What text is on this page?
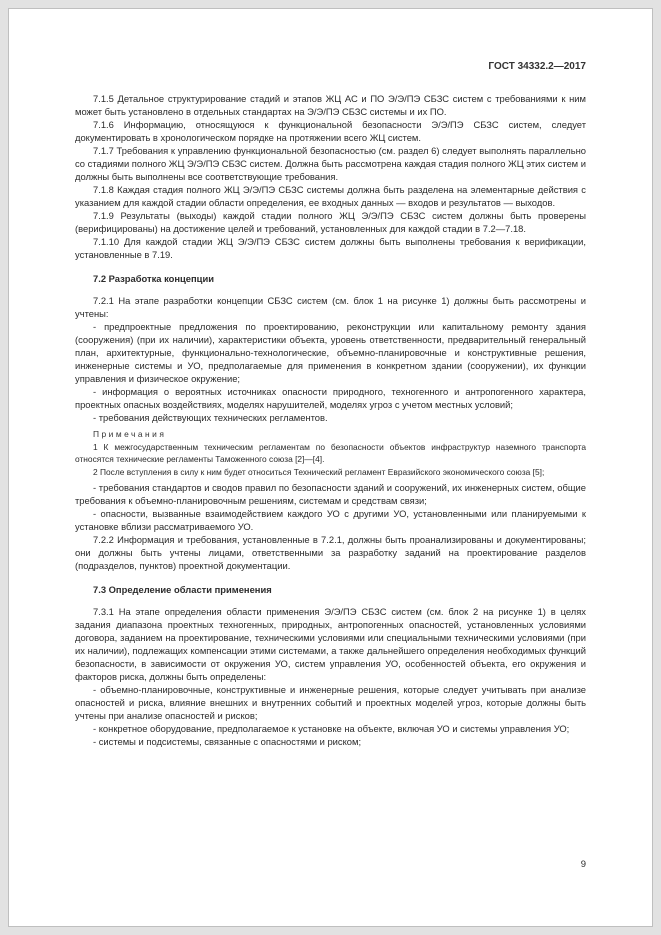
ГОСТ 34332.2—2017
7.1.5 Детальное структурирование стадий и этапов ЖЦ АС и ПО Э/Э/ПЭ СБЗС систем с требованиями к ним может быть установлено в отдельных стандартах на Э/Э/ПЭ СБЗС системы и их ПО.
7.1.6 Информацию, относящуюся к функциональной безопасности Э/Э/ПЭ СБЗС систем, следует документировать в хронологическом порядке на протяжении всего ЖЦ систем.
7.1.7 Требования к управлению функциональной безопасностью (см. раздел 6) следует выполнять параллельно со стадиями полного ЖЦ Э/Э/ПЭ СБЗС систем. Должна быть рассмотрена каждая стадия полного ЖЦ этих систем и должны быть выполнены все соответствующие требования.
7.1.8 Каждая стадия полного ЖЦ Э/Э/ПЭ СБЗС системы должна быть разделена на элементарные действия с указанием для каждой стадии области определения, ее входных данных — входов и результатов — выходов.
7.1.9 Результаты (выходы) каждой стадии полного ЖЦ Э/Э/ПЭ СБЗС систем должны быть проверены (верифицированы) на достижение целей и требований, установленных для каждой стадии в 7.2—7.18.
7.1.10 Для каждой стадии ЖЦ Э/Э/ПЭ СБЗС систем должны быть выполнены требования к верификации, установленные в 7.19.
7.2 Разработка концепции
7.2.1 На этапе разработки концепции СБЗС систем (см. блок 1 на рисунке 1) должны быть рассмотрены и учтены:
- предпроектные предложения по проектированию, реконструкции или капитальному ремонту здания (сооружения) (при их наличии), характеристики объекта, уровень ответственности, предварительный генеральный план, архитектурные, функционально-технологические, объемно-планировочные и конструктивные решения, инженерные системы и УО, предполагаемые для применения в конкретном здании (сооружении), их функции управления и физическое окружение;
- информация о вероятных источниках опасности природного, техногенного и антропогенного характера, проектных опасных воздействиях, моделях нарушителей, моделях угроз с учетом местных условий;
- требования действующих технических регламентов.
Примечания
1 К межгосударственным техническим регламентам по безопасности объектов инфраструктур наземного транспорта относятся технические регламенты Таможенного союза [2]—[4].
2 После вступления в силу к ним будет относиться Технический регламент Евразийского экономического союза [5];
- требования стандартов и сводов правил по безопасности зданий и сооружений, их инженерных систем, общие требования к объемно-планировочным решениям, системам и средствам связи;
- опасности, вызванные взаимодействием каждого УО с другими УО, установленными или планируемыми к установке вблизи рассматриваемого УО.
7.2.2 Информация и требования, установленные в 7.2.1, должны быть проанализированы и документированы; они должны быть учтены лицами, ответственными за разработку заданий на проектирование разделов (подразделов, пунктов) проектной документации.
7.3 Определение области применения
7.3.1 На этапе определения области применения Э/Э/ПЭ СБЗС систем (см. блок 2 на рисунке 1) в целях задания диапазона проектных техногенных, природных, антропогенных опасностей, установленных условиями договора, заданием на проектирование, техническими условиями или специальными техническими условиями (при их наличии), подлежащих компенсации этими системами, а также дальнейшего определения необходимых функций безопасности, в зависимости от окружения УО, систем управления УО, особенностей объекта, его окружения и факторов риска, должны быть определены:
- объемно-планировочные, конструктивные и инженерные решения, которые следует учитывать при анализе опасностей и риска, влияние внешних и внутренних событий и проектных моделей угроз, которые должны быть учтены при анализе опасностей и рисков;
- конкретное оборудование, предполагаемое к установке на объекте, включая УО и системы управления УО;
- системы и подсистемы, связанные с опасностями и риском;
9
